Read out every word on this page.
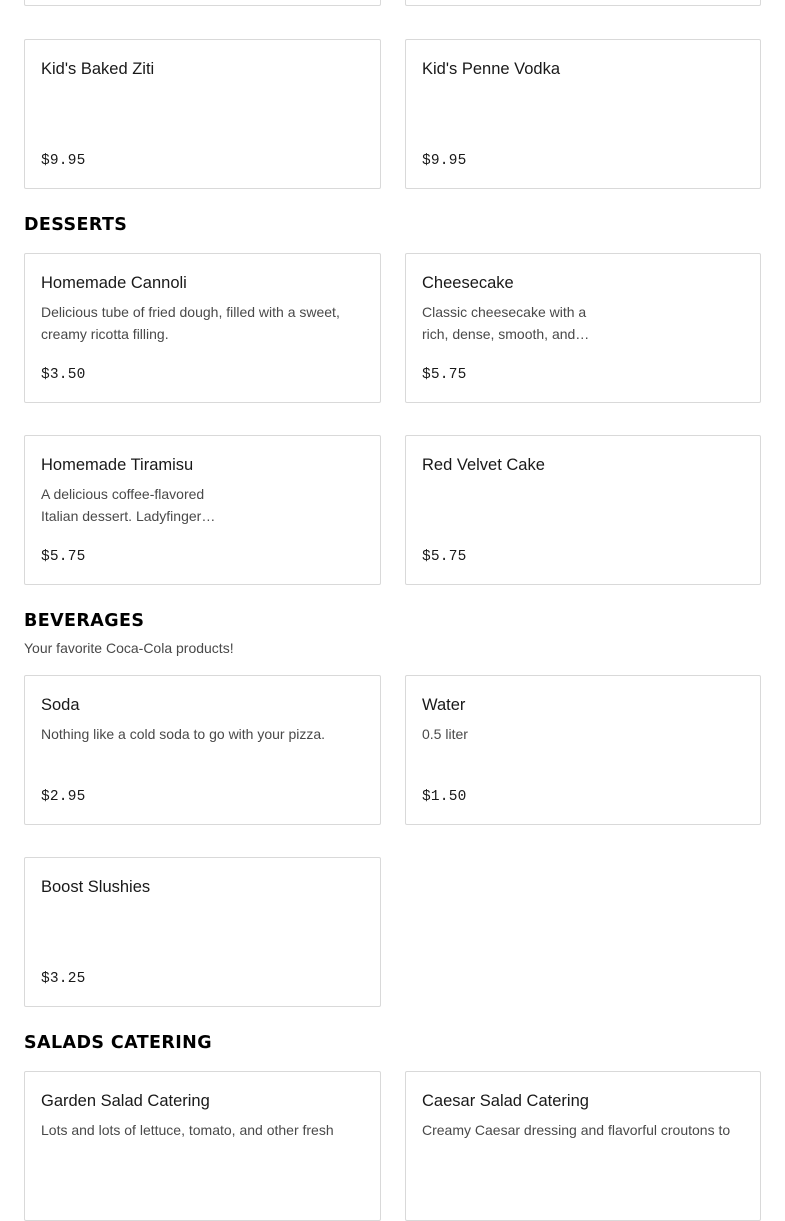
Kid's Baked Ziti
$9.95
Kid's Penne Vodka
$9.95
DESSERTS
Homemade Cannoli
Delicious tube of fried dough, filled with a sweet, creamy ricotta filling.
$3.50
Cheesecake
Classic cheesecake with a rich, dense, smooth, and…
$5.75
Homemade Tiramisu
A delicious coffee-flavored Italian dessert. Ladyfinger…
$5.75
Red Velvet Cake
$5.75
BEVERAGES
Your favorite Coca-Cola products!
Soda
Nothing like a cold soda to go with your pizza.
$2.95
Water
0.5 liter
$1.50
Boost Slushies
$3.25
SALADS CATERING
Garden Salad Catering
Lots and lots of lettuce, tomato, and other fresh
Caesar Salad Catering
Creamy Caesar dressing and flavorful croutons to
